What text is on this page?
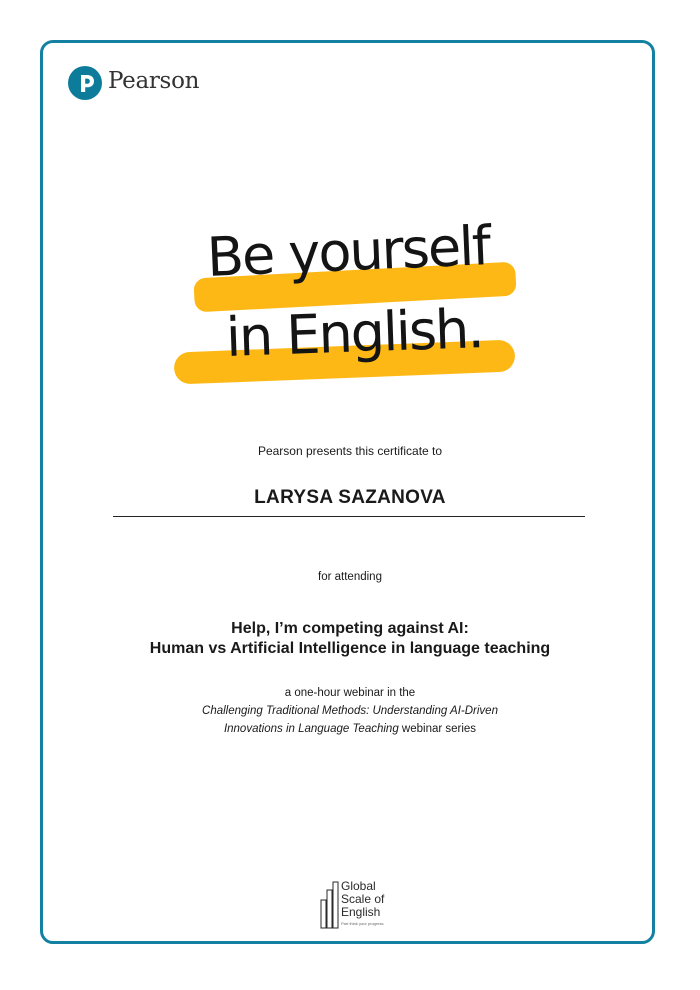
Pearson
Be yourself
in English.
Pearson presents this certificate to
LARYSA SAZANOVA
for attending
Help, I’m competing against AI:
Human vs Artificial Intelligence in language teaching
a one-hour webinar in the
Challenging Traditional Methods: Understanding AI-Driven
Innovations in Language Teaching webinar series
Global
Scale of
English
Part think your progress
